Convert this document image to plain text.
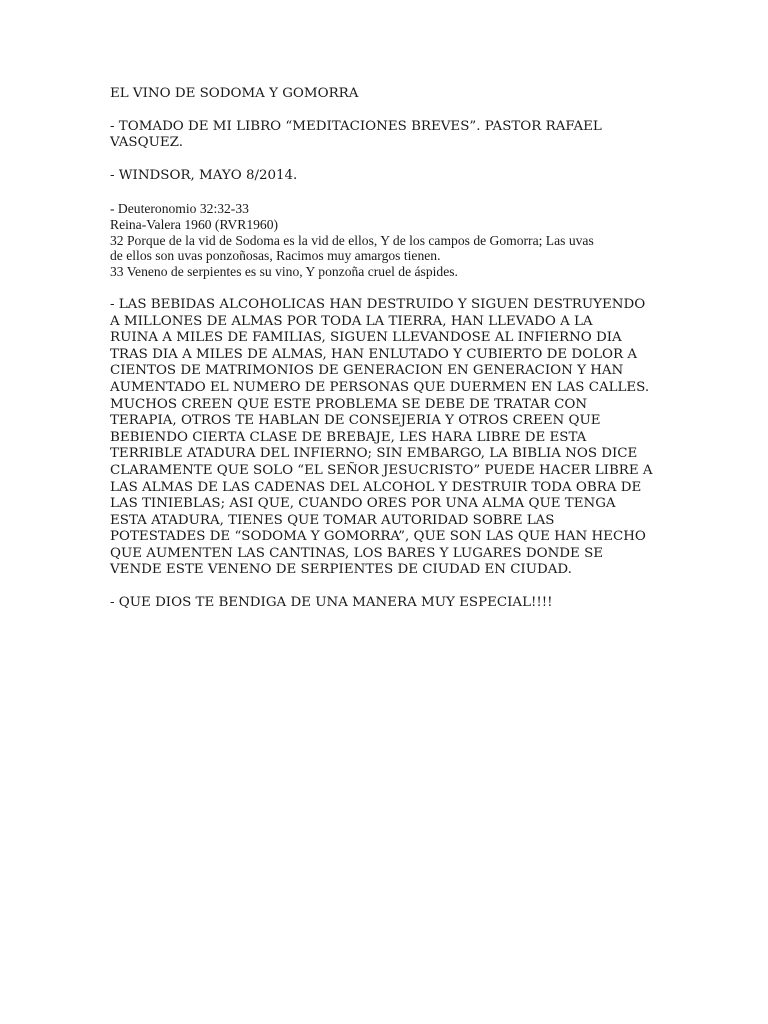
EL VINO DE SODOMA Y GOMORRA

- TOMADO DE MI LIBRO “MEDITACIONES BREVES”. PASTOR RAFAEL

VASQUEZ.

- WINDSOR, MAYO 8/2014.

- Deuteronomio 32:32-33

Reina-Valera 1960 (RVR1960)

32 Porque de la vid de Sodoma es la vid de ellos, Y de los campos de Gomorra; Las uvas

de ellos son uvas ponzoñosas, Racimos muy amargos tienen.

33 Veneno de serpientes es su vino, Y ponzoña cruel de áspides.

- LAS BEBIDAS ALCOHOLICAS HAN DESTRUIDO Y SIGUEN DESTRUYENDO

A MILLONES DE ALMAS POR TODA LA TIERRA, HAN LLEVADO A LA

RUINA A MILES DE FAMILIAS, SIGUEN LLEVANDOSE AL INFIERNO DIA

TRAS DIA A MILES DE ALMAS, HAN ENLUTADO Y CUBIERTO DE DOLOR A

CIENTOS DE MATRIMONIOS DE GENERACION EN GENERACION Y HAN

AUMENTADO EL NUMERO DE PERSONAS QUE DUERMEN EN LAS CALLES.

MUCHOS CREEN QUE ESTE PROBLEMA SE DEBE DE TRATAR CON

TERAPIA, OTROS TE HABLAN DE CONSEJERIA Y OTROS CREEN QUE

BEBIENDO CIERTA CLASE DE BREBAJE, LES HARA LIBRE DE ESTA

TERRIBLE ATADURA DEL INFIERNO; SIN EMBARGO, LA BIBLIA NOS DICE

CLARAMENTE QUE SOLO “EL SEÑOR JESUCRISTO” PUEDE HACER LIBRE A

LAS ALMAS DE LAS CADENAS DEL ALCOHOL Y DESTRUIR TODA OBRA DE

LAS TINIEBLAS; ASI QUE, CUANDO ORES POR UNA ALMA QUE TENGA

ESTA ATADURA, TIENES QUE TOMAR AUTORIDAD SOBRE LAS

POTESTADES DE “SODOMA Y GOMORRA”, QUE SON LAS QUE HAN HECHO

QUE AUMENTEN LAS CANTINAS, LOS BARES Y LUGARES DONDE SE

VENDE ESTE VENENO DE SERPIENTES DE CIUDAD EN CIUDAD.

- QUE DIOS TE BENDIGA DE UNA MANERA MUY ESPECIAL!!!!
